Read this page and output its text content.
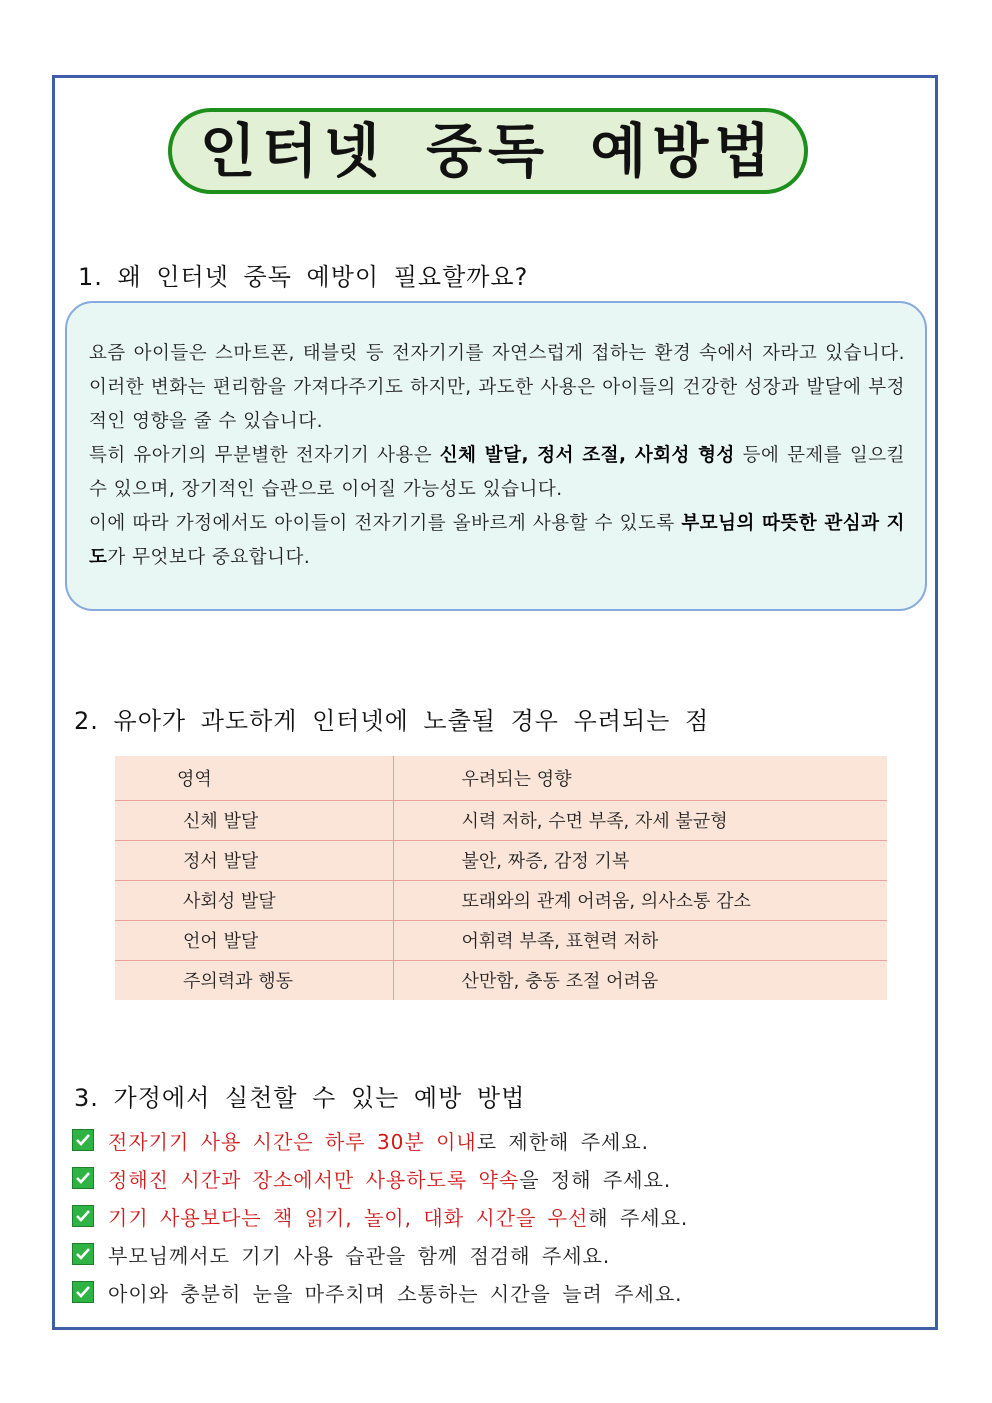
인터넷 중독 예방법
1. 왜 인터넷 중독 예방이 필요할까요?

요즘 아이들은 스마트폰, 태블릿 등 전자기기를 자연스럽게 접하는 환경 속에서 자라고 있습니다. 이러한 변화는 편리함을 가져다주기도 하지만, 과도한 사용은 아이들의 건강한 성장과 발달에 부정적인 영향을 줄 수 있습니다.

특히 유아기의 무분별한 전자기기 사용은 신체 발달, 정서 조절, 사회성 형성 등에 문제를 일으킬 수 있으며, 장기적인 습관으로 이어질 가능성도 있습니다.

이에 따라 가정에서도 아이들이 전자기기를 올바르게 사용할 수 있도록 부모님의 따뜻한 관심과 지도가 무엇보다 중요합니다.

2. 유아가 과도하게 인터넷에 노출될 경우 우려되는 점
영역	우려되는 영향
신체 발달	시력 저하, 수면 부족, 자세 불균형
정서 발달	불안, 짜증, 감정 기복
사회성 발달	또래와의 관계 어려움, 의사소통 감소
언어 발달	어휘력 부족, 표현력 저하
주의력과 행동	산만함, 충동 조절 어려움
3. 가정에서 실천할 수 있는 예방 방법
전자기기 사용 시간은 하루 30분 이내 로 제한해 주세요.
정해진 시간과 장소에서만 사용하도록 약속 을 정해 주세요.
기기 사용보다는 책 읽기, 놀이, 대화 시간을 우선 해 주세요.
부모님께서도 기기 사용 습관을 함께 점검해 주세요.
아이와 충분히 눈을 마주치며 소통하는 시간을 늘려 주세요.
